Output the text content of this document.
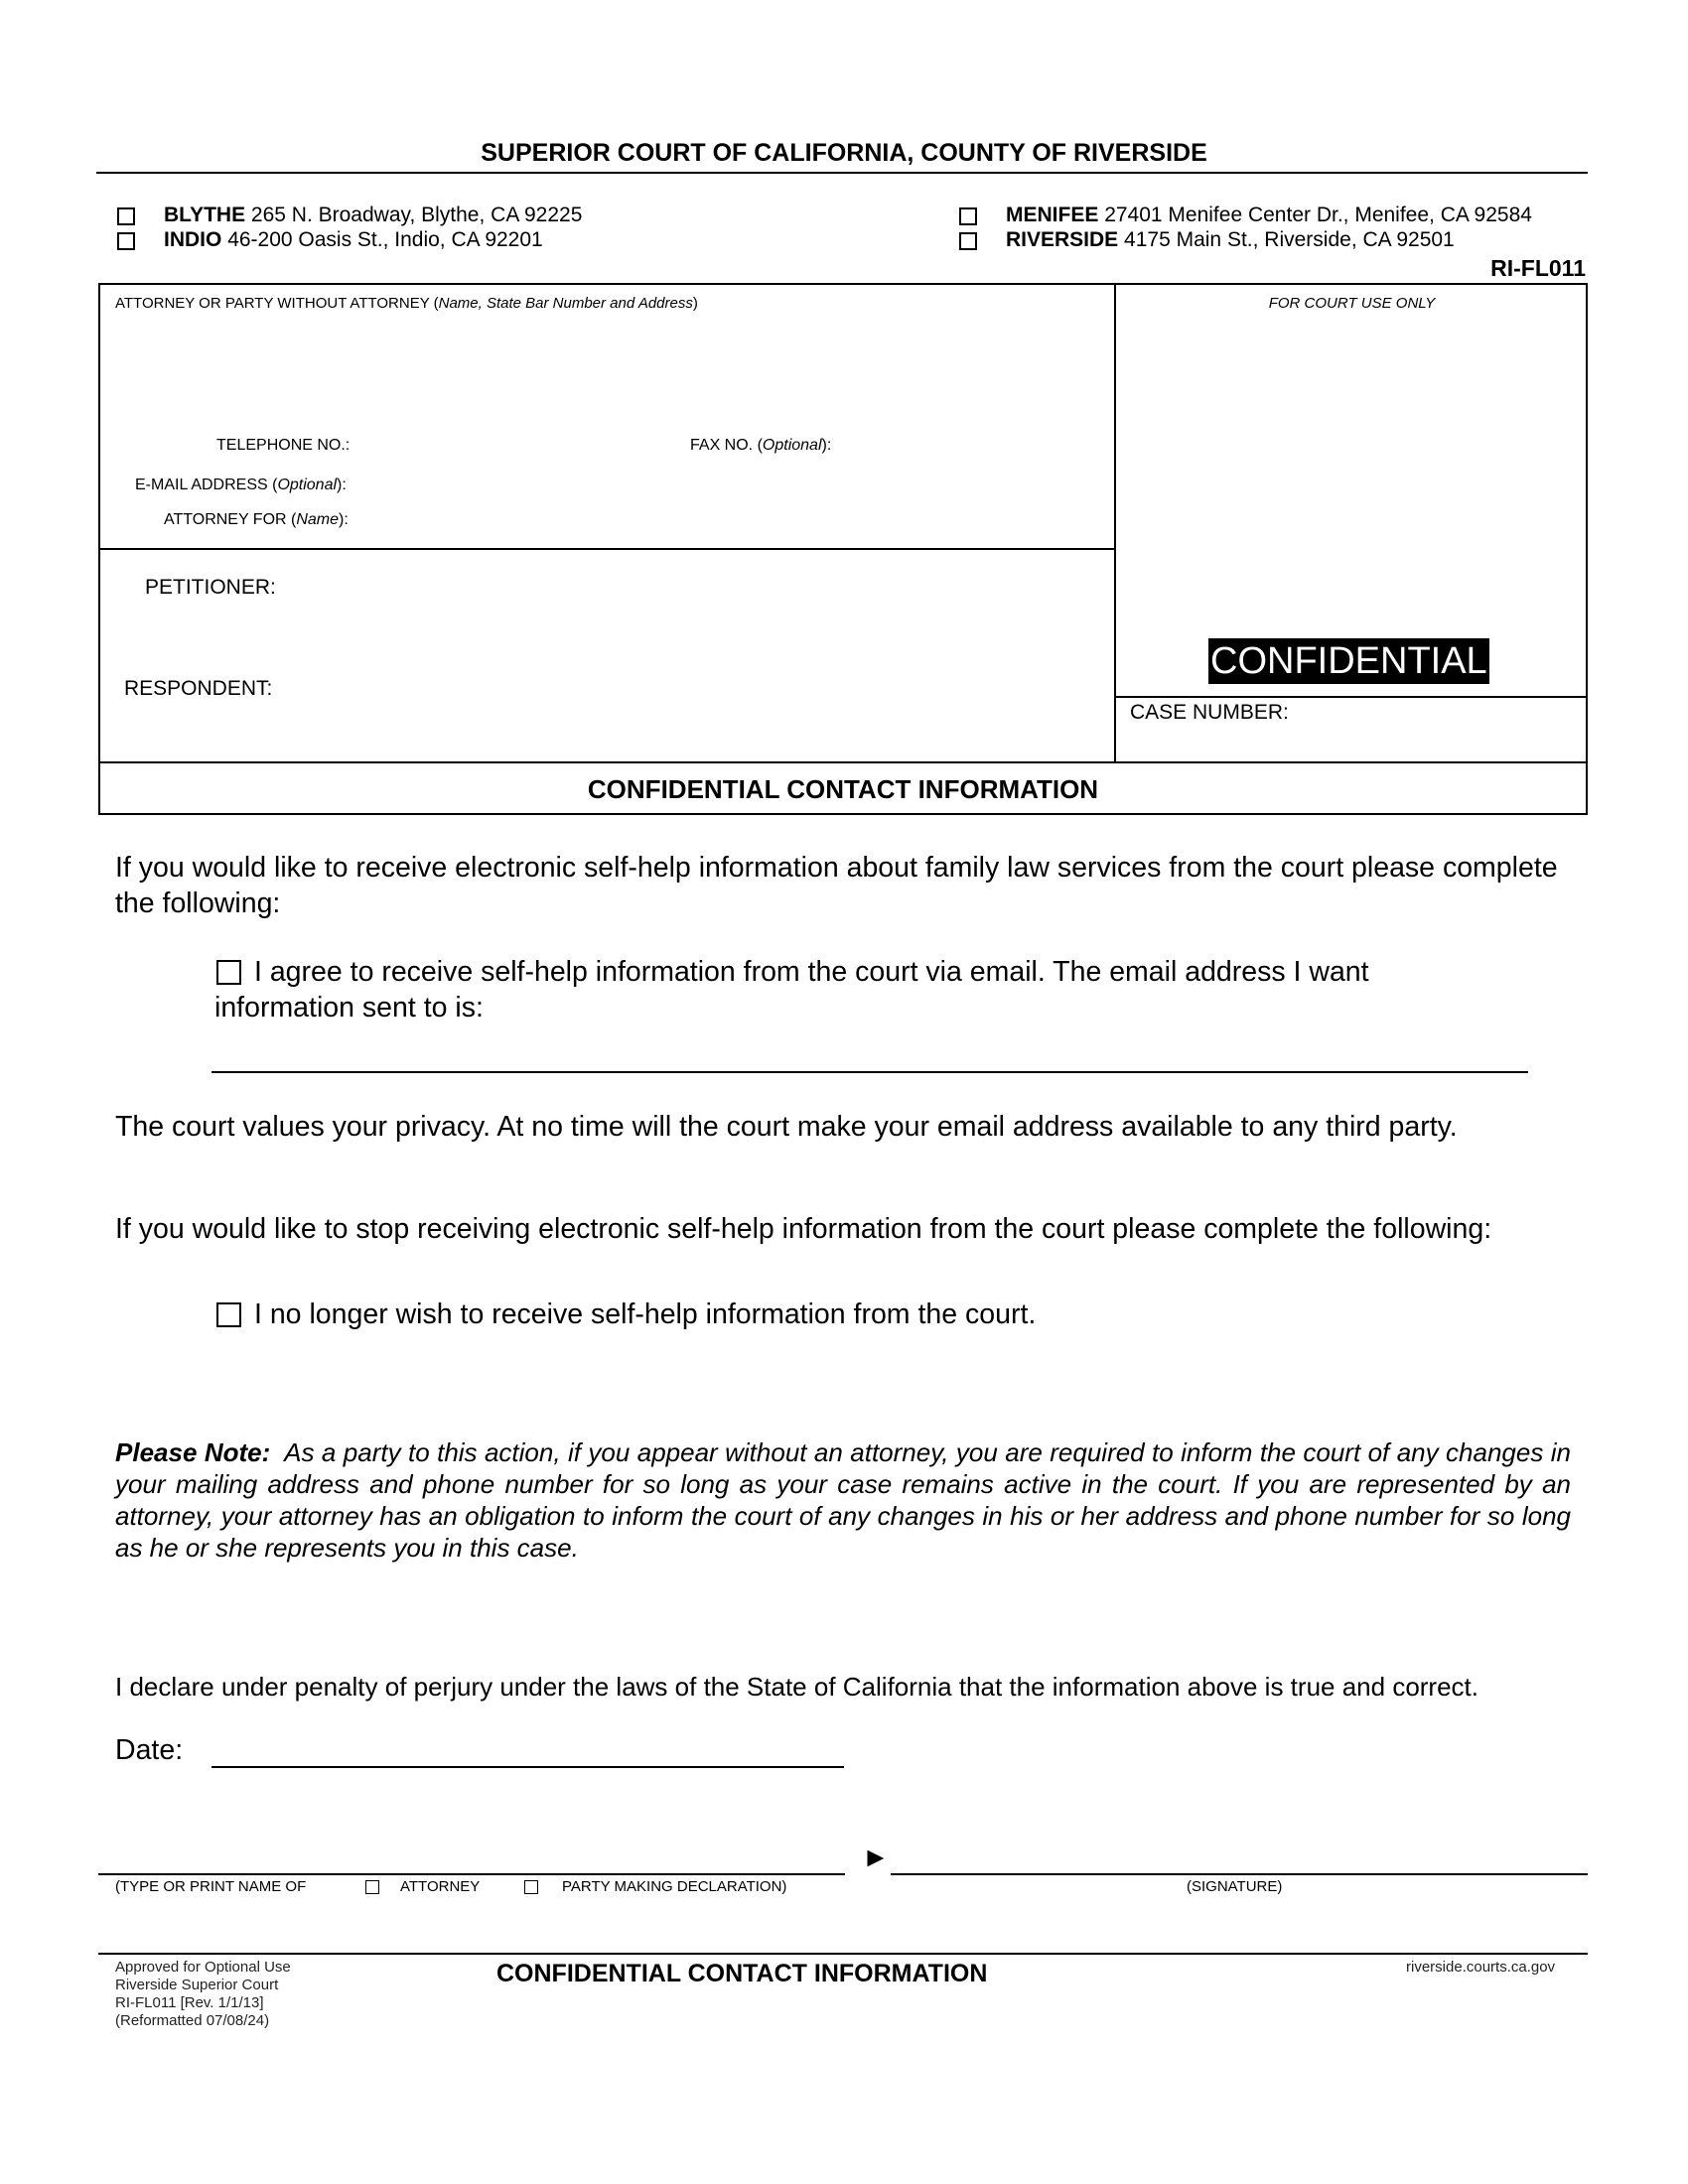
SUPERIOR COURT OF CALIFORNIA, COUNTY OF RIVERSIDE
BLYTHE 265 N. Broadway, Blythe, CA 92225
INDIO 46-200 Oasis St., Indio, CA 92201
MENIFEE 27401 Menifee Center Dr., Menifee, CA 92584
RIVERSIDE 4175 Main St., Riverside, CA 92501
RI-FL011
ATTORNEY OR PARTY WITHOUT ATTORNEY (Name, State Bar Number and Address)	FOR COURT USE ONLY
TELEPHONE NO.:	FAX NO. (Optional):
E-MAIL ADDRESS (Optional):
ATTORNEY FOR (Name):
PETITIONER:
RESPONDENT:
CONFIDENTIAL
CASE NUMBER:
CONFIDENTIAL CONTACT INFORMATION
If you would like to receive electronic self-help information about family law services from the court please complete the following:
I agree to receive self-help information from the court via email. The email address I want information sent to is:
The court values your privacy. At no time will the court make your email address available to any third party.
If you would like to stop receiving electronic self-help information from the court please complete the following:
I no longer wish to receive self-help information from the court.
Please Note: As a party to this action, if you appear without an attorney, you are required to inform the court of any changes in your mailing address and phone number for so long as your case remains active in the court. If you are represented by an attorney, your attorney has an obligation to inform the court of any changes in his or her address and phone number for so long as he or she represents you in this case.
I declare under penalty of perjury under the laws of the State of California that the information above is true and correct.
Date:
►
(TYPE OR PRINT NAME OF	ATTORNEY	PARTY MAKING DECLARATION)	(SIGNATURE)
Approved for Optional Use
Riverside Superior Court
RI-FL011 [Rev. 1/1/13]
(Reformatted 07/08/24)
CONFIDENTIAL CONTACT INFORMATION	riverside.courts.ca.gov
